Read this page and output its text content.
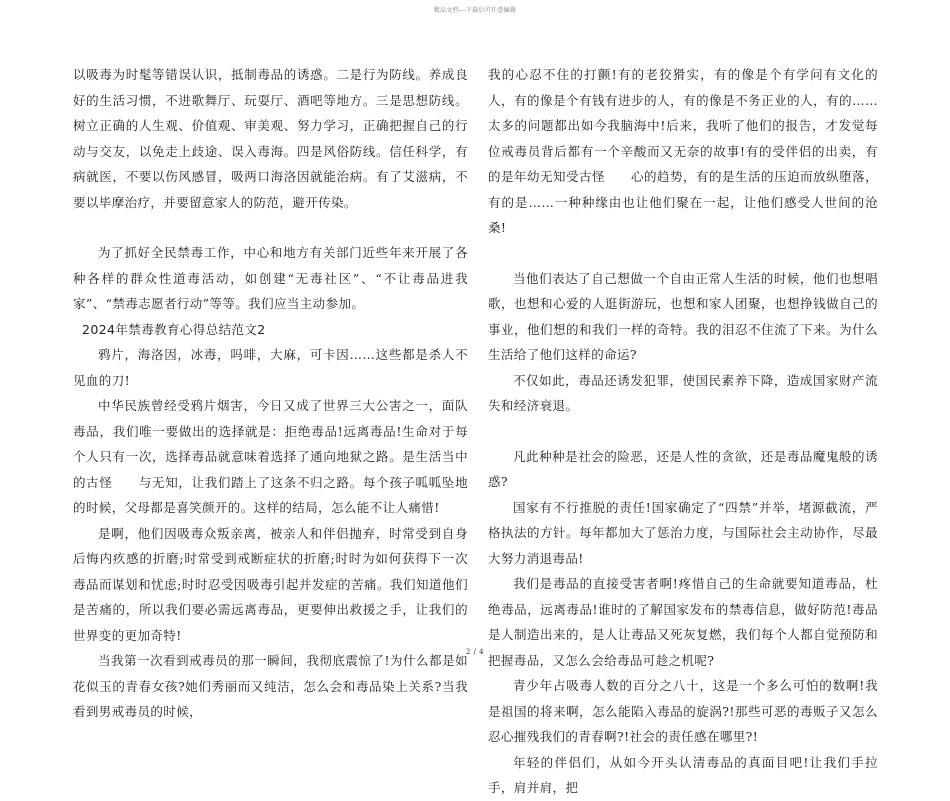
精品文档---下载后可任意编辑

以吸毒为时髦等错误认识，抵制毒品的诱惑。二是行为防线。养成良好的生活习惯，不进歌舞厅、玩耍厅、酒吧等地方。三是思想防线。树立正确的人生观、价值观、审美观、努力学习，正确把握自己的行动与交友，以免走上歧途、误入毒海。四是风俗防线。信任科学，有病就医，不要以伤风感冒，吸两口海洛因就能治病。有了艾滋病，不要以毕摩治疗，并要留意家人的防范，避开传染。

为了抓好全民禁毒工作，中心和地方有关部门近些年来开展了各种各样的群众性道毒活动，如创建“无毒社区”、“不让毒品进我家”、“禁毒志愿者行动”等等。我们应当主动参加。

2024年禁毒教育心得总结范文2

鸦片，海洛因，冰毒，吗啡，大麻，可卡因……这些都是杀人不见血的刀!

中华民族曾经受鸦片烟害，今日又成了世界三大公害之一，面队毒品，我们唯一要做出的选择就是：拒绝毒品!远离毒品!生命对于每个人只有一次，选择毒品就意味着选择了通向地狱之路。是生活当中的古怪　　与无知，让我们踏上了这条不归之路。每个孩子呱呱坠地的时候，父母都是喜笑颜开的。这样的结局，怎么能不让人痛惜!

是啊，他们因吸毒众叛亲离，被亲人和伴侣抛弃，时常受到自身后悔内疚感的折磨;时常受到戒断症状的折磨;时时为如何获得下一次毒品而谋划和忧虑;时时忍受因吸毒引起并发症的苦痛。我们知道他们是苦痛的，所以我们要必需远离毒品，更要伸出救援之手，让我们的世界变的更加奇特!

当我第一次看到戒毒员的那一瞬间，我彻底震惊了!为什么都是如花似玉的青春女孩?她们秀丽而又纯洁，怎么会和毒品染上关系?当我看到男戒毒员的时候，

我的心忍不住的打颤!有的老狡猾实，有的像是个有学问有文化的人，有的像是个有钱有进步的人，有的像是不务正业的人，有的……太多的问题都出如今我脑海中!后来，我听了他们的报告，才发觉每位戒毒员背后都有一个辛酸而又无奈的故事!有的受伴侣的出卖，有的是年幼无知受古怪　　心的趋势，有的是生活的压迫而放纵堕落，有的是……一种种缘由也让他们聚在一起，让他们感受人世间的沧桑!

当他们表达了自己想做一个自由正常人生活的时候，他们也想唱歌，也想和心爱的人逛街游玩，也想和家人团聚，也想挣钱做自己的事业，他们想的和我们一样的奇特。我的泪忍不住流了下来。为什么生活给了他们这样的命运?

不仅如此，毒品还诱发犯罪，使国民素养下降，造成国家财产流失和经济衰退。

凡此种种是社会的险恶，还是人性的贪欲，还是毒品魔鬼般的诱惑?

国家有不行推脱的责任!国家确定了“四禁”并举，堵源截流，严格执法的方针。每年都加大了惩治力度，与国际社会主动协作，尽最大努力消退毒品!

我们是毒品的直接受害者啊!疼惜自己的生命就要知道毒品，杜绝毒品，远离毒品!谁时的了解国家发布的禁毒信息，做好防范!毒品是人制造出来的，是人让毒品又死灰复燃，我们每个人都自觉预防和把握毒品，又怎么会给毒品可趁之机呢?

青少年占吸毒人数的百分之八十，这是一个多么可怕的数啊!我是祖国的将来啊，怎么能陷入毒品的旋涡?!那些可恶的毒贩子又怎么忍心摧残我们的青春啊?!社会的责任感在哪里?!

年轻的伴侣们，从如今开头认清毒品的真面目吧!让我们手拉手，肩并肩，把

2 / 4
